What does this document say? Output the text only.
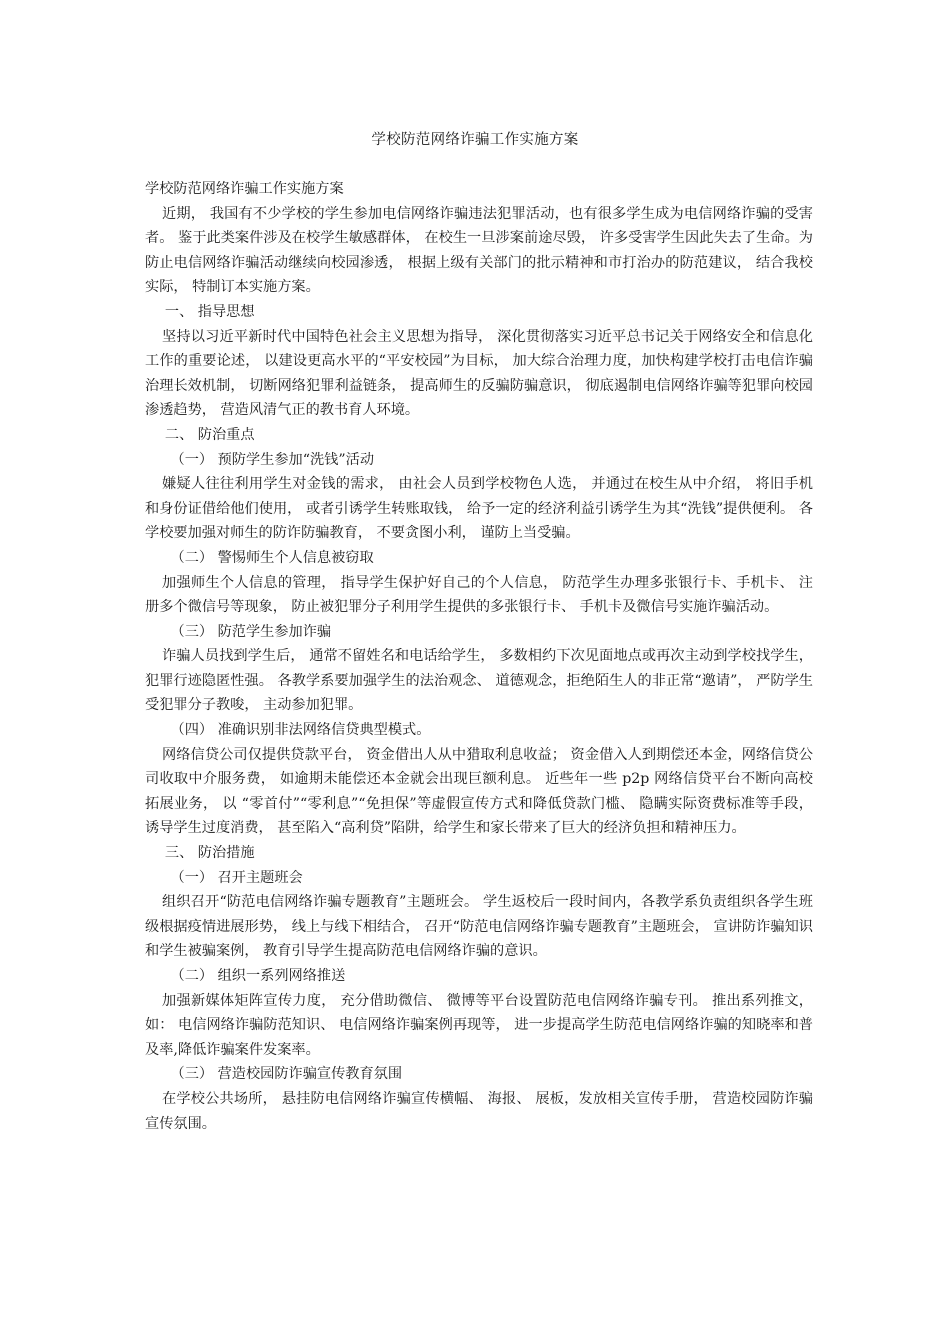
学校防范网络诈骗工作实施方案

学校防范网络诈骗工作实施方案

近期， 我国有不少学校的学生参加电信网络诈骗违法犯罪活动，也有很多学生成为电信网络诈骗的受害者。 鉴于此类案件涉及在校学生敏感群体， 在校生一旦涉案前途尽毁， 许多受害学生因此失去了生命。为防止电信网络诈骗活动继续向校园渗透， 根据上级有关部门的批示精神和市打治办的防范建议， 结合我校实际， 特制订本实施方案。

一、 指导思想

坚持以习近平新时代中国特色社会主义思想为指导， 深化贯彻落实习近平总书记关于网络安全和信息化工作的重要论述， 以建设更高水平的“平安校园”为目标， 加大综合治理力度，加快构建学校打击电信诈骗治理长效机制， 切断网络犯罪利益链条， 提高师生的反骗防骗意识， 彻底遏制电信网络诈骗等犯罪向校园渗透趋势， 营造风清气正的教书育人环境。

二、 防治重点

（一） 预防学生参加“洗钱”活动

嫌疑人往往利用学生对金钱的需求， 由社会人员到学校物色人选， 并通过在校生从中介绍， 将旧手机和身份证借给他们使用， 或者引诱学生转账取钱， 给予一定的经济利益引诱学生为其“洗钱”提供便利。 各学校要加强对师生的防诈防骗教育， 不要贪图小利， 谨防上当受骗。

（二） 警惕师生个人信息被窃取

加强师生个人信息的管理， 指导学生保护好自己的个人信息， 防范学生办理多张银行卡、手机卡、 注册多个微信号等现象， 防止被犯罪分子利用学生提供的多张银行卡、 手机卡及微信号实施诈骗活动。

（三） 防范学生参加诈骗

诈骗人员找到学生后， 通常不留姓名和电话给学生， 多数相约下次见面地点或再次主动到学校找学生， 犯罪行迹隐匿性强。 各教学系要加强学生的法治观念、 道德观念，拒绝陌生人的非正常“邀请”， 严防学生受犯罪分子教唆， 主动参加犯罪。

（四） 准确识别非法网络信贷典型模式。

网络信贷公司仅提供贷款平台， 资金借出人从中猎取利息收益； 资金借入人到期偿还本金，网络信贷公司收取中介服务费， 如逾期未能偿还本金就会出现巨额利息。 近些年一些 p2p 网络信贷平台不断向高校拓展业务， 以 “零首付”“零利息”“免担保”等虚假宣传方式和降低贷款门槛、 隐瞒实际资费标准等手段， 诱导学生过度消费， 甚至陷入“高利贷”陷阱，给学生和家长带来了巨大的经济负担和精神压力。

三、 防治措施

（一） 召开主题班会

组织召开“防范电信网络诈骗专题教育”主题班会。 学生返校后一段时间内，各教学系负责组织各学生班级根据疫情进展形势， 线上与线下相结合， 召开“防范电信网络诈骗专题教育”主题班会， 宣讲防诈骗知识和学生被骗案例， 教育引导学生提高防范电信网络诈骗的意识。

（二） 组织一系列网络推送

加强新媒体矩阵宣传力度， 充分借助微信、 微博等平台设置防范电信网络诈骗专刊。 推出系列推文， 如： 电信网络诈骗防范知识、 电信网络诈骗案例再现等， 进一步提高学生防范电信网络诈骗的知晓率和普及率,降低诈骗案件发案率。

（三） 营造校园防诈骗宣传教育氛围

在学校公共场所， 悬挂防电信网络诈骗宣传横幅、 海报、 展板，发放相关宣传手册， 营造校园防诈骗宣传氛围。
